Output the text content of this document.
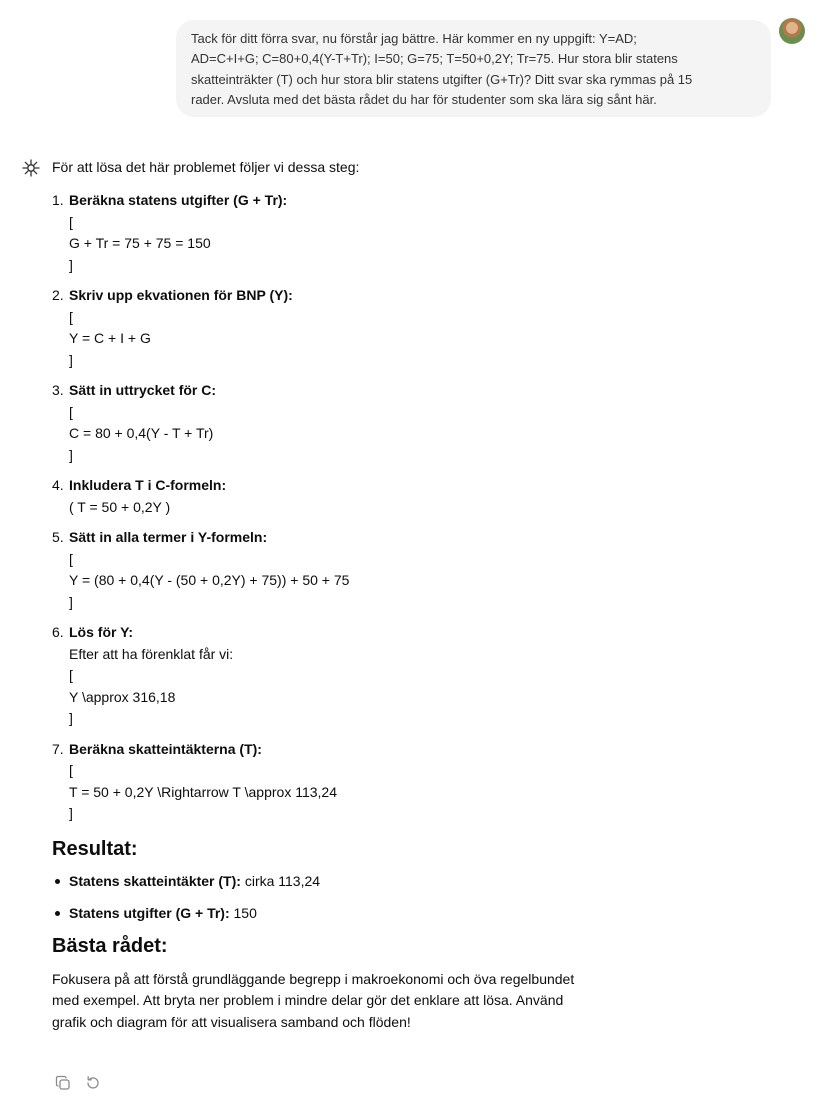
Tack för ditt förra svar, nu förstår jag bättre. Här kommer en ny uppgift: Y=AD;
AD=C+I+G; C=80+0,4(Y-T+Tr); I=50; G=75; T=50+0,2Y; Tr=75. Hur stora blir statens
skatteinträkter (T) och hur stora blir statens utgifter (G+Tr)? Ditt svar ska rymmas på 15
rader. Avsluta med det bästa rådet du har för studenter som ska lära sig sånt här.

För att lösa det här problemet följer vi dessa steg:

1. Beräkna statens utgifter (G + Tr):
[
G + Tr = 75 + 75 = 150
]
2. Skriv upp ekvationen för BNP (Y):
[
Y = C + I + G
]
3. Sätt in uttrycket för C:
[
C = 80 + 0,4(Y - T + Tr)
]
4. Inkludera T i C-formeln:
( T = 50 + 0,2Y )
5. Sätt in alla termer i Y-formeln:
[
Y = (80 + 0,4(Y - (50 + 0,2Y) + 75)) + 50 + 75
]
6. Lös för Y:
Efter att ha förenklat får vi:
[
Y \approx 316,18
]
7. Beräkna skatteintäkterna (T):
[
T = 50 + 0,2Y \Rightarrow T \approx 113,24
]
Resultat:
Statens skatteintäkter (T): cirka 113,24
Statens utgifter (G + Tr): 150
Bästa rådet:

Fokusera på att förstå grundläggande begrepp i makroekonomi och öva regelbundet
med exempel. Att bryta ner problem i mindre delar gör det enklare att lösa. Använd
grafik och diagram för att visualisera samband och flöden!
